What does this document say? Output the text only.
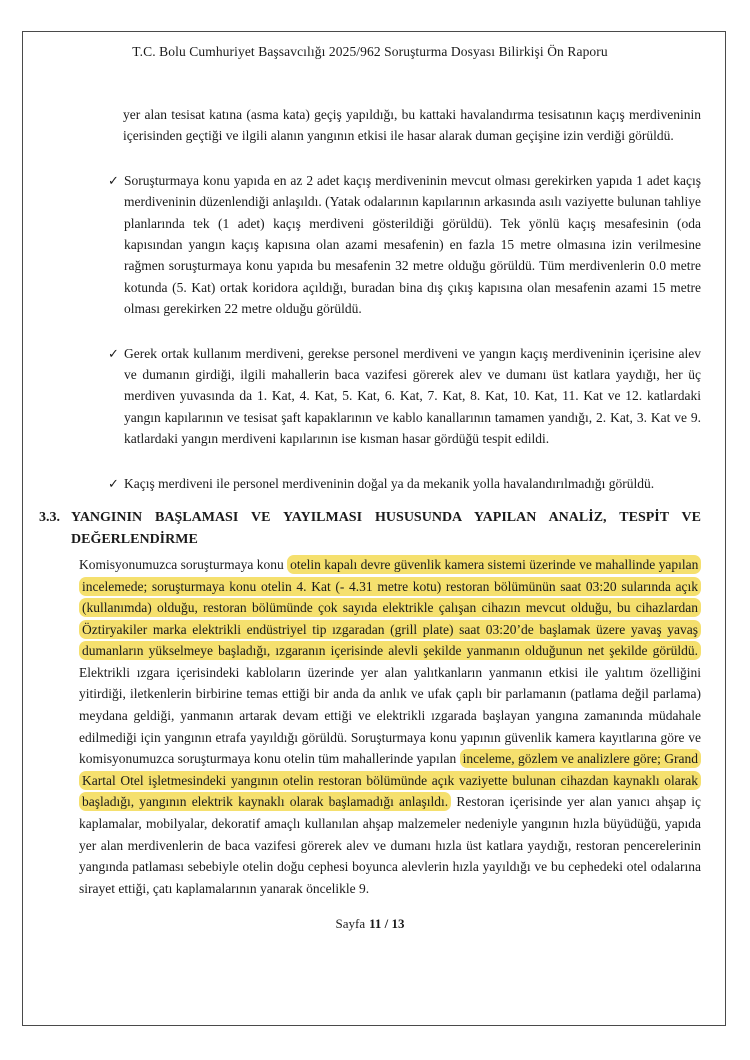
T.C. Bolu Cumhuriyet Başsavcılığı 2025/962 Soruşturma Dosyası Bilirkişi Ön Raporu

yer alan tesisat katına (asma kata) geçiş yapıldığı, bu kattaki havalandırma tesisatının kaçış merdiveninin içerisinden geçtiği ve ilgili alanın yangının etkisi ile hasar alarak duman geçişine izin verdiği görüldü.

✓ Soruşturmaya konu yapıda en az 2 adet kaçış merdiveninin mevcut olması gerekirken yapıda 1 adet kaçış merdiveninin düzenlendiği anlaşıldı. (Yatak odalarının kapılarının arkasında asılı vaziyette bulunan tahliye planlarında tek (1 adet) kaçış merdiveni gösterildiği görüldü). Tek yönlü kaçış mesafesinin (oda kapısından yangın kaçış kapısına olan azami mesafenin) en fazla 15 metre olmasına izin verilmesine rağmen soruşturmaya konu yapıda bu mesafenin 32 metre olduğu görüldü. Tüm merdivenlerin 0.0 metre kotunda (5. Kat) ortak koridora açıldığı, buradan bina dış çıkış kapısına olan mesafenin azami 15 metre olması gerekirken 22 metre olduğu görüldü.
✓ Gerek ortak kullanım merdiveni, gerekse personel merdiveni ve yangın kaçış merdiveninin içerisine alev ve dumanın girdiği, ilgili mahallerin baca vazifesi görerek alev ve dumanı üst katlara yaydığı, her üç merdiven yuvasında da 1. Kat, 4. Kat, 5. Kat, 6. Kat, 7. Kat, 8. Kat, 10. Kat, 11. Kat ve 12. katlardaki yangın kapılarının ve tesisat şaft kapaklarının ve kablo kanallarının tamamen yandığı, 2. Kat, 3. Kat ve 9. katlardaki yangın merdiveni kapılarının ise kısman hasar gördüğü tespit edildi.
✓ Kaçış merdiveni ile personel merdiveninin doğal ya da mekanik yolla havalandırılmadığı görüldü.
3.3. YANGININ BAŞLAMASI VE YAYILMASI HUSUSUNDA YAPILAN ANALİZ, TESPİT VE DEĞERLENDİRME

Komisyonumuzca soruşturmaya konu otelin kapalı devre güvenlik kamera sistemi üzerinde ve mahallinde yapılan incelemede; soruşturmaya konu otelin 4. Kat (- 4.31 metre kotu) restoran bölümünün saat 03:20 sularında açık (kullanımda) olduğu, restoran bölümünde çok sayıda elektrikle çalışan cihazın mevcut olduğu, bu cihazlardan Öztiryakiler marka elektrikli endüstriyel tip ızgaradan (grill plate) saat 03:20’de başlamak üzere yavaş yavaş dumanların yükselmeye başladığı, ızgaranın içerisinde alevli şekilde yanmanın olduğunun net şekilde görüldü. Elektrikli ızgara içerisindeki kabloların üzerinde yer alan yalıtkanların yanmanın etkisi ile yalıtım özelliğini yitirdiği, iletkenlerin birbirine temas ettiği bir anda da anlık ve ufak çaplı bir parlamanın (patlama değil parlama) meydana geldiği, yanmanın artarak devam ettiği ve elektrikli ızgarada başlayan yangına zamanında müdahale edilmediği için yangının etrafa yayıldığı görüldü. Soruşturmaya konu yapının güvenlik kamera kayıtlarına göre ve komisyonumuzca soruşturmaya konu otelin tüm mahallerinde yapılan inceleme, gözlem ve analizlere göre; Grand Kartal Otel işletmesindeki yangının otelin restoran bölümünde açık vaziyette bulunan cihazdan kaynaklı olarak başladığı, yangının elektrik kaynaklı olarak başlamadığı anlaşıldı. Restoran içerisinde yer alan yanıcı ahşap iç kaplamalar, mobilyalar, dekoratif amaçlı kullanılan ahşap malzemeler nedeniyle yangının hızla büyüdüğü, yapıda yer alan merdivenlerin de baca vazifesi görerek alev ve dumanı hızla üst katlara yaydığı, restoran pencerelerinin yangında patlaması sebebiyle otelin doğu cephesi boyunca alevlerin hızla yayıldığı ve bu cephedeki otel odalarına sirayet ettiği, çatı kaplamalarının yanarak öncelikle 9.

Sayfa 11 / 13
